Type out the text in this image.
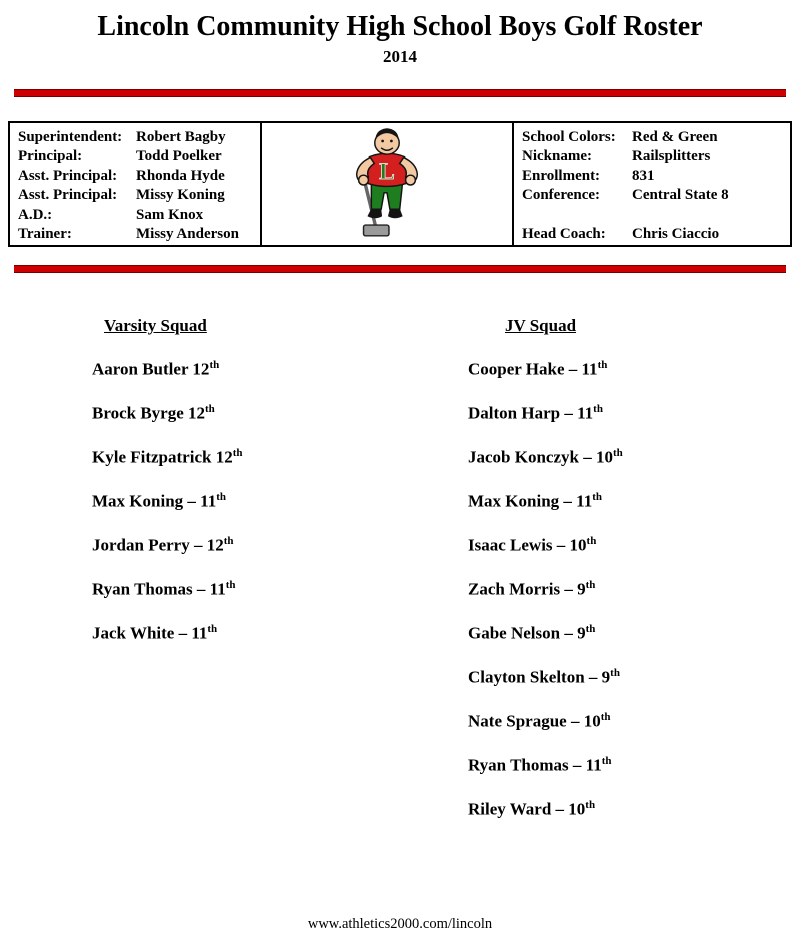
Lincoln Community High School Boys Golf Roster
2014
Superintendent: Robert Bagby
Principal:	Todd Poelker
Asst. Principal: Rhonda Hyde
Asst. Principal: Missy Koning
A.D.:	Sam Knox
Trainer:	Missy Anderson
L
School Colors: Red & Green
Nickname:	Railsplitters
Enrollment: 831
Conference: Central State 8
Head Coach: Chris Ciaccio
Varsity Squad
Aaron Butler 12th
Brock Byrge 12th
Kyle Fitzpatrick 12th
Max Koning – 11th
Jordan Perry – 12th
Ryan Thomas – 11th
Jack White – 11th
JV Squad
Cooper Hake – 11th
Dalton Harp – 11th
Jacob Konczyk – 10th
Max Koning – 11th
Isaac Lewis – 10th
Zach Morris – 9th
Gabe Nelson – 9th
Clayton Skelton – 9th
Nate Sprague – 10th
Ryan Thomas – 11th
Riley Ward – 10th
www.athletics2000.com/lincoln
